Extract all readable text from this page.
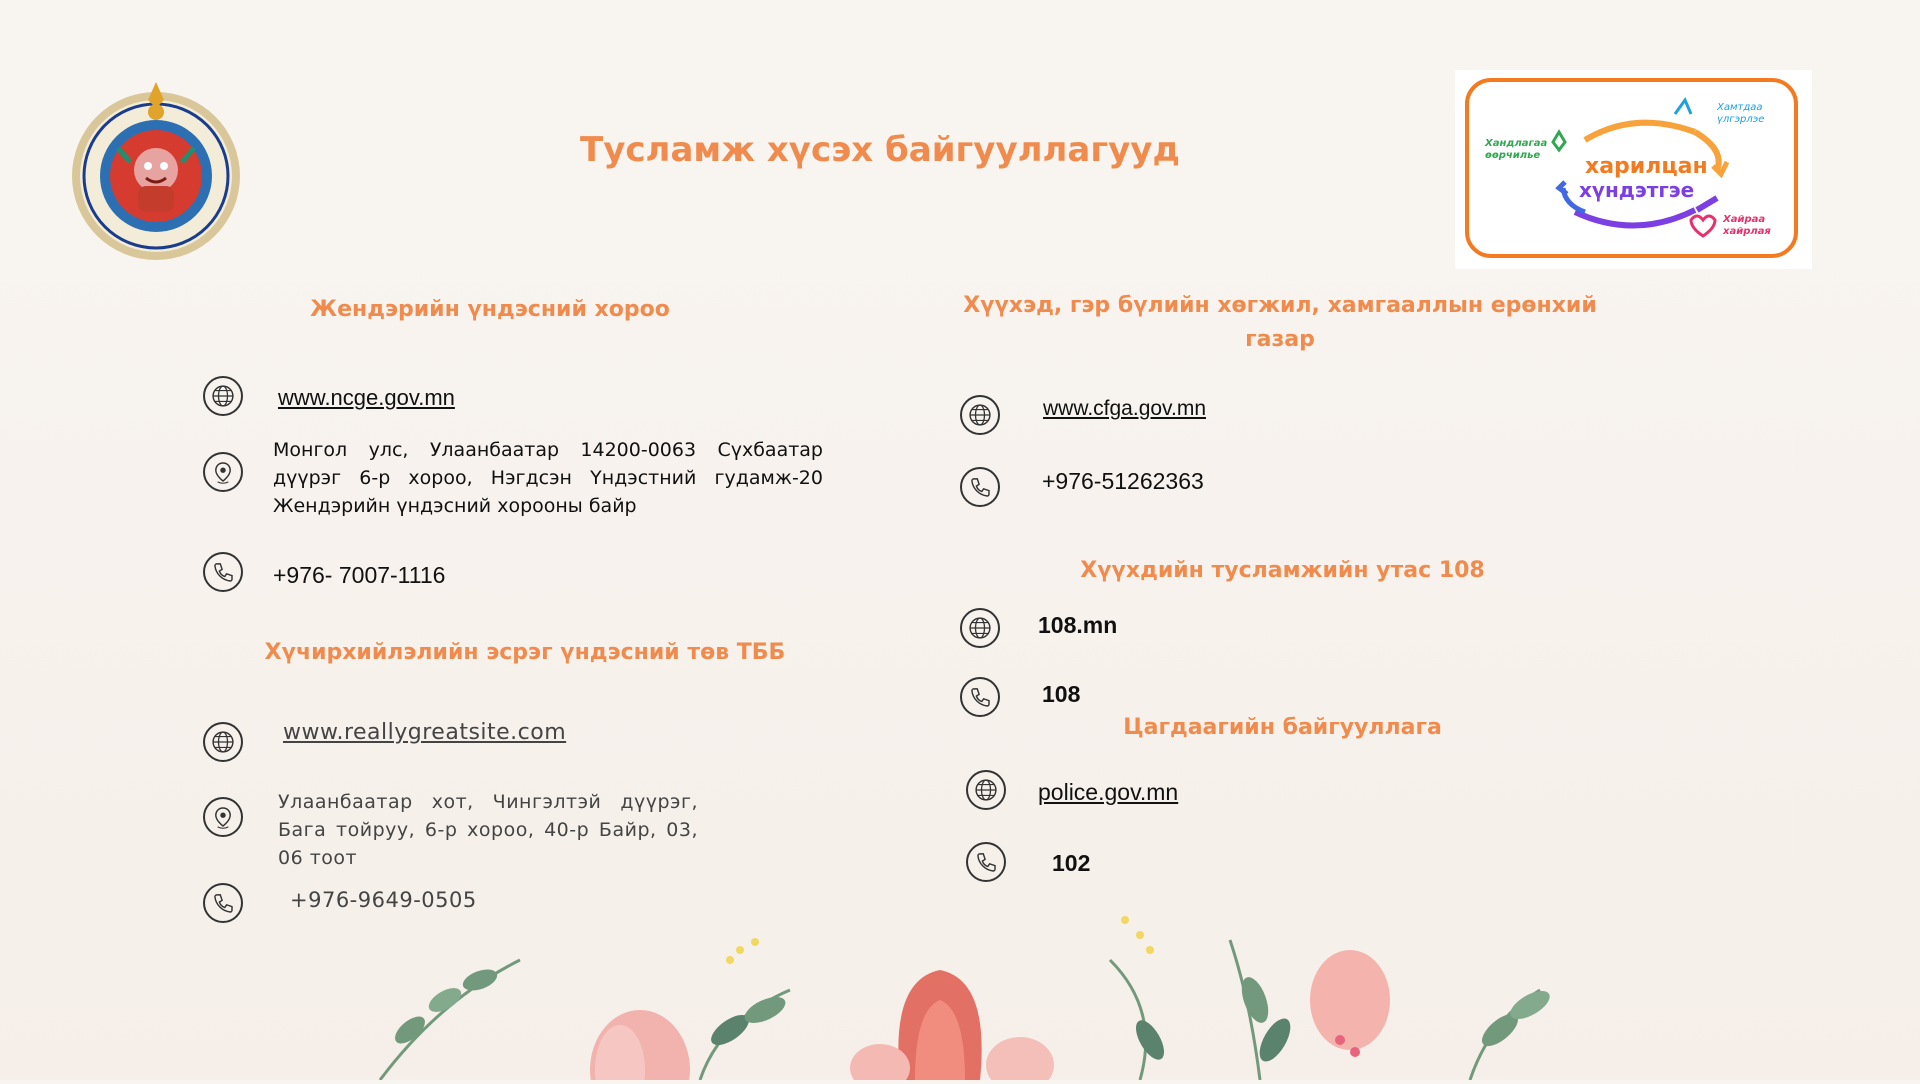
Тусламж хүсэх байгууллагууд	харилцан
хүндэтгэе
Хамтдаа
үлгэрлэе
Хандлагаа
өөрчилье
Хайраа
хайрлая
Жендэрийн үндэсний хороо
www.ncge.gov.mn
Монгол улс, Улаанбаатар 14200-0063 Сүхбаатар дүүрэг 6-р хороо, Нэгдсэн Үндэстний гудамж-20 Жендэрийн үндэсний хорооны байр
+976- 7007-1116
Хүчирхийлэлийн эсрэг үндэсний төв ТББ
www.reallygreatsite.com
Улаанбаатар хот, Чингэлтэй дүүрэг, Бага тойруу, 6-р хороо, 40-р Байр, 03, 06 тоот
+976-9649-0505
Хүүхэд, гэр бүлийн хөгжил, хамгааллын ерөнхий
газар
www.cfga.gov.mn
+976-51262363
Хүүхдийн тусламжийн утас 108
108.mn
108
Цагдаагийн байгууллага
police.gov.mn
102
